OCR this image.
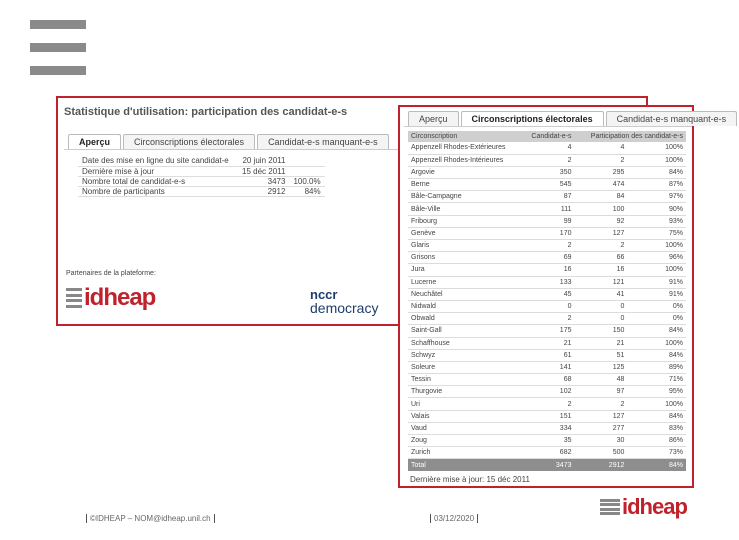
Statistique d'utilisation: participation des candidat-e-s
Aperçu	Circonscriptions électorales	Candidat-e-s manquant-e-s
Date des mise en ligne du site candidat-e	20 juin 2011	
Dernière mise à jour	15 déc 2011	
Nombre total de candidat-e-s	3473	100.0%
Nombre de participants	2912	84%
Partenaires de la plateforme:
idheap	nccr
democracy
Aperçu	Circonscriptions électorales	Candidat-e-s manquant-e-s
Circonscription	Candidat-e-s	Participation des candidat-e-s	
Appenzell Rhodes-Extérieures	4	4	100%
Appenzell Rhodes-Intérieures	2	2	100%
Argovie	350	295	84%
Berne	545	474	87%
Bâle-Campagne	87	84	97%
Bâle-Ville	111	100	90%
Fribourg	99	92	93%
Genève	170	127	75%
Glaris	2	2	100%
Grisons	69	66	96%
Jura	16	16	100%
Lucerne	133	121	91%
Neuchâtel	45	41	91%
Nidwald	0	0	0%
Obwald	2	0	0%
Saint-Gall	175	150	84%
Schaffhouse	21	21	100%
Schwyz	61	51	84%
Soleure	141	125	89%
Tessin	68	48	71%
Thurgovie	102	97	95%
Uri	2	2	100%
Valais	151	127	84%
Vaud	334	277	83%
Zoug	35	30	86%
Zurich	682	500	73%
Total	3473	2912	84%
Dernière mise à jour: 15 déc 2011
©IDHEAP – NOM@idheap.unil.ch	03/12/2020	idheap
